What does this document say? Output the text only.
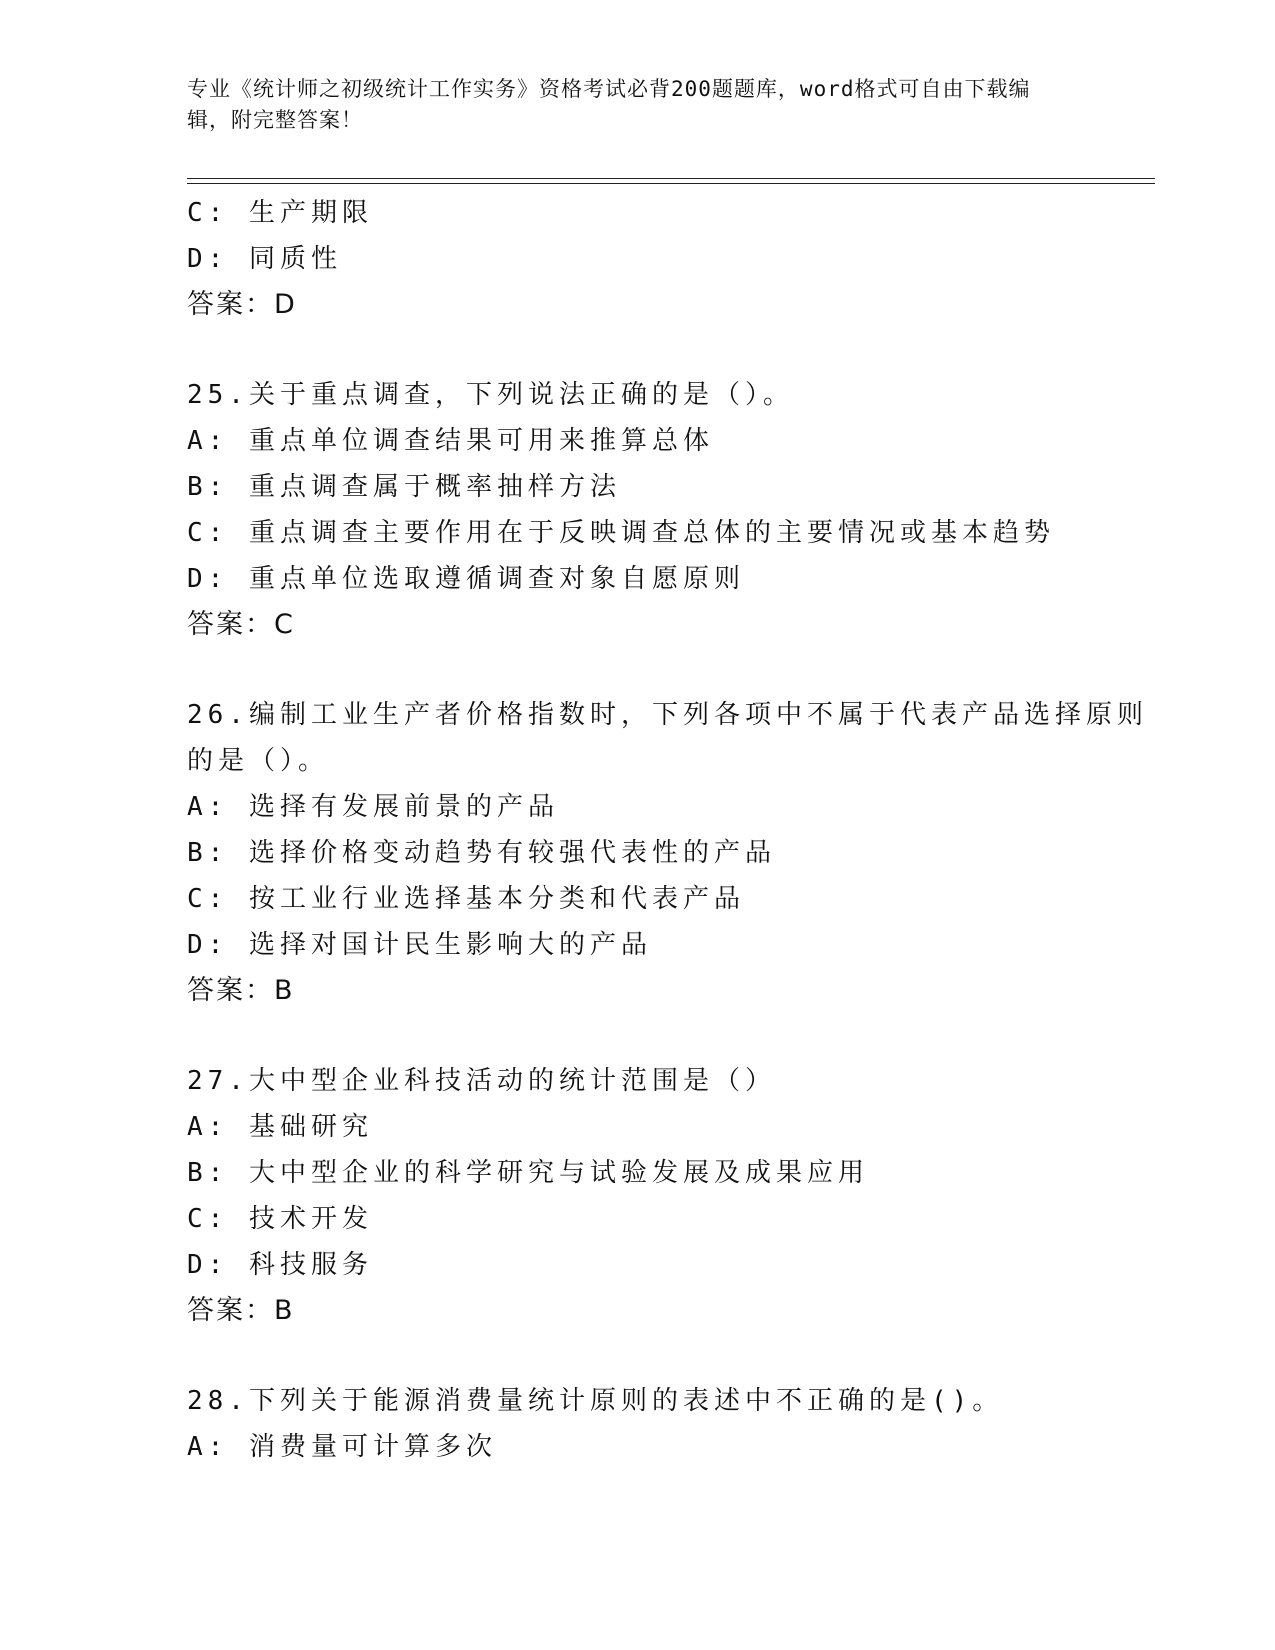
专业《统计师之初级统计工作实务》资格考试必背200题题库，word格式可自由下载编辑，附完整答案！
C: 生产期限
D: 同质性
答案：D
25.关于重点调查，下列说法正确的是（）。
A: 重点单位调查结果可用来推算总体
B: 重点调查属于概率抽样方法
C: 重点调查主要作用在于反映调查总体的主要情况或基本趋势
D: 重点单位选取遵循调查对象自愿原则
答案：C
26.编制工业生产者价格指数时，下列各项中不属于代表产品选择原则
的是（）。
A: 选择有发展前景的产品
B: 选择价格变动趋势有较强代表性的产品
C: 按工业行业选择基本分类和代表产品
D: 选择对国计民生影响大的产品
答案：B
27.大中型企业科技活动的统计范围是（）
A: 基础研究
B: 大中型企业的科学研究与试验发展及成果应用
C: 技术开发
D: 科技服务
答案：B
28.下列关于能源消费量统计原则的表述中不正确的是()。
A: 消费量可计算多次
